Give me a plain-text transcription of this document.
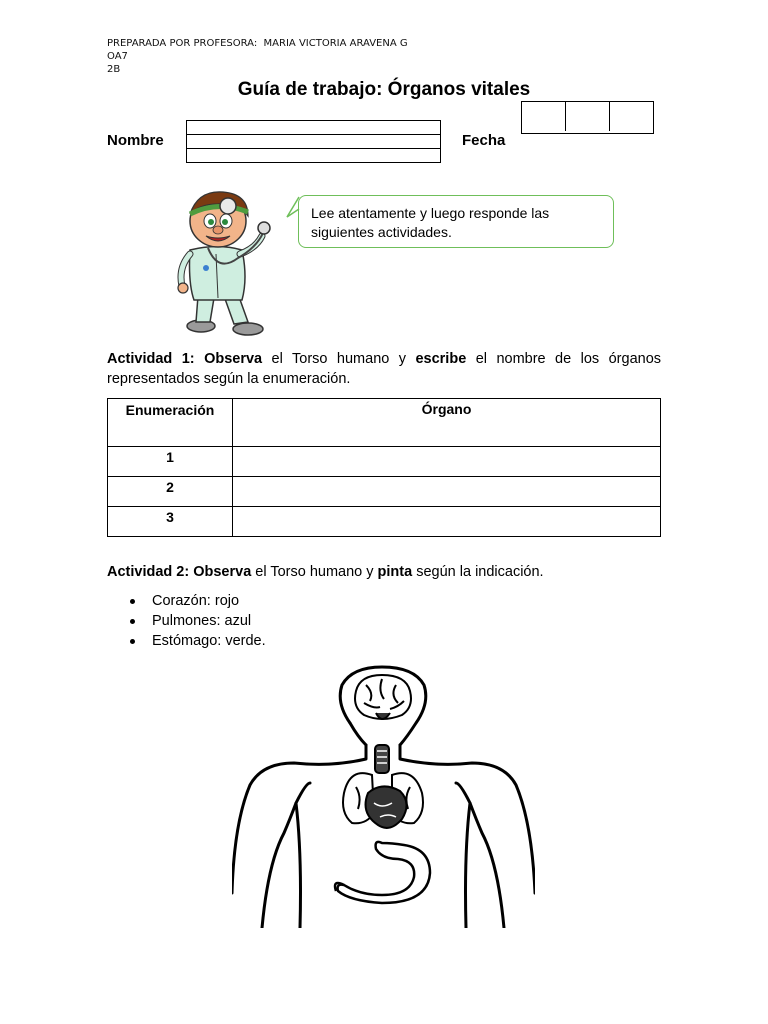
PREPARADA POR PROFESORA:  MARIA VICTORIA ARAVENA G
OA7
2B
Guía de trabajo: Órganos vitales
Nombre	Fecha
Lee atentamente y luego responde las siguientes actividades.
Actividad 1: Observa el Torso humano y escribe el nombre de los órganos representados según la enumeración.
Enumeración	Órgano
1	
2	
3	
Actividad 2: Observa el Torso humano y pinta según la indicación.
Corazón: rojo
Pulmones: azul
Estómago: verde.
